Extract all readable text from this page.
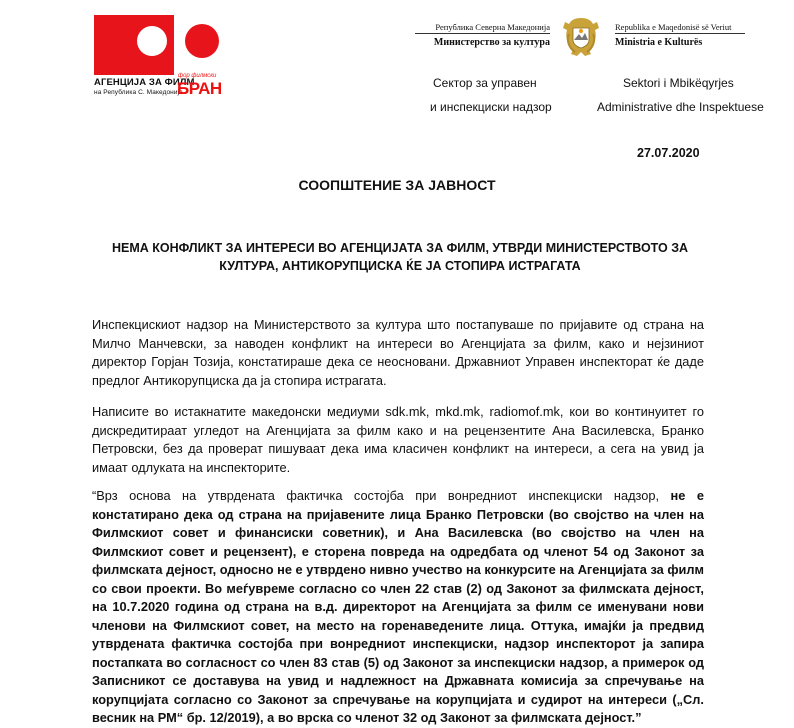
фор филмски
АГЕНЦИЈА ЗА ФИЛМ
на Република С. Македонија
БРАН
Република Северна Македонија
Министерство за култура
Republika e Maqedonisë së Veriut
Ministria e Kulturës
Сектор за управен
и инспекциски надзор
Sektori i Mbikëqyrjes
Administrative dhe Inspektuese
27.07.2020
СООПШТЕНИЕ ЗА ЈАВНОСТ
НЕМА КОНФЛИКТ ЗА ИНТЕРЕСИ ВО АГЕНЦИЈАТА ЗА ФИЛМ, УТВРДИ МИНИСТЕРСТВОТО ЗА КУЛТУРА, АНТИКОРУПЦИСКА ЌЕ ЈА СТОПИРА ИСТРАГАТА
Инспекцискиот надзор на Министерството за култура што постапуваше по пријавите од страна на Милчо Манчевски, за наводен конфликт на интереси во Агенцијата за филм, како и нејзиниот директор Горјан Тозија, констатираше дека се неосновани. Државниот Управен инспекторат ќе даде предлог Антикорупциска да ја стопира истрагата.
Написите во истакнатите македонски медиуми sdk.mk, mkd.mk, radiomof.mk, кои во континуитет го дискредитираат угледот на Агенцијата за филм како и на рецензентите Ана Василевска, Бранко Петровски, без да проверат пишуваат дека има класичен конфликт на интереси, а сега на увид ја имаат одлуката на инспекторите.
“Врз основа на утврдената фактичка состојба при вонредниот инспекциски надзор, не е констатирано дека од страна на пријавените лица Бранко Петровски (во својство на член на Филмскиот совет и финансиски советник), и Ана Василевска (во својство на член на Филмскиот совет и рецензент), е сторена повреда на одредбата од членот 54 од Законот за филмската дејност, односно не е утврдено нивно учество на конкурсите на Агенцијата за филм со свои проекти. Во меѓувреме согласно со член 22 став (2) од Законот за филмската дејност, на 10.7.2020 година од страна на в.д. директорот на Агенцијата за филм се именувани нови членови на Филмскиот совет, на место на горенаведените лица. Оттука, имајќи ја предвид утврдената фактичка состојба при вонредниот инспекциски, надзор инспекторот ја запира постапката во согласност со член 83 став (5) од Законот за инспекциски надзор, а примерок од Записникот се доставува на увид и надлежност на Државната комисија за спречување на корупцијата согласно со Законот за спречување на корупцијата и судирот на интереси („Сл. весник на РМ“ бр. 12/2019), а во врска со членот 32 од Законот за филмската дејност.”
